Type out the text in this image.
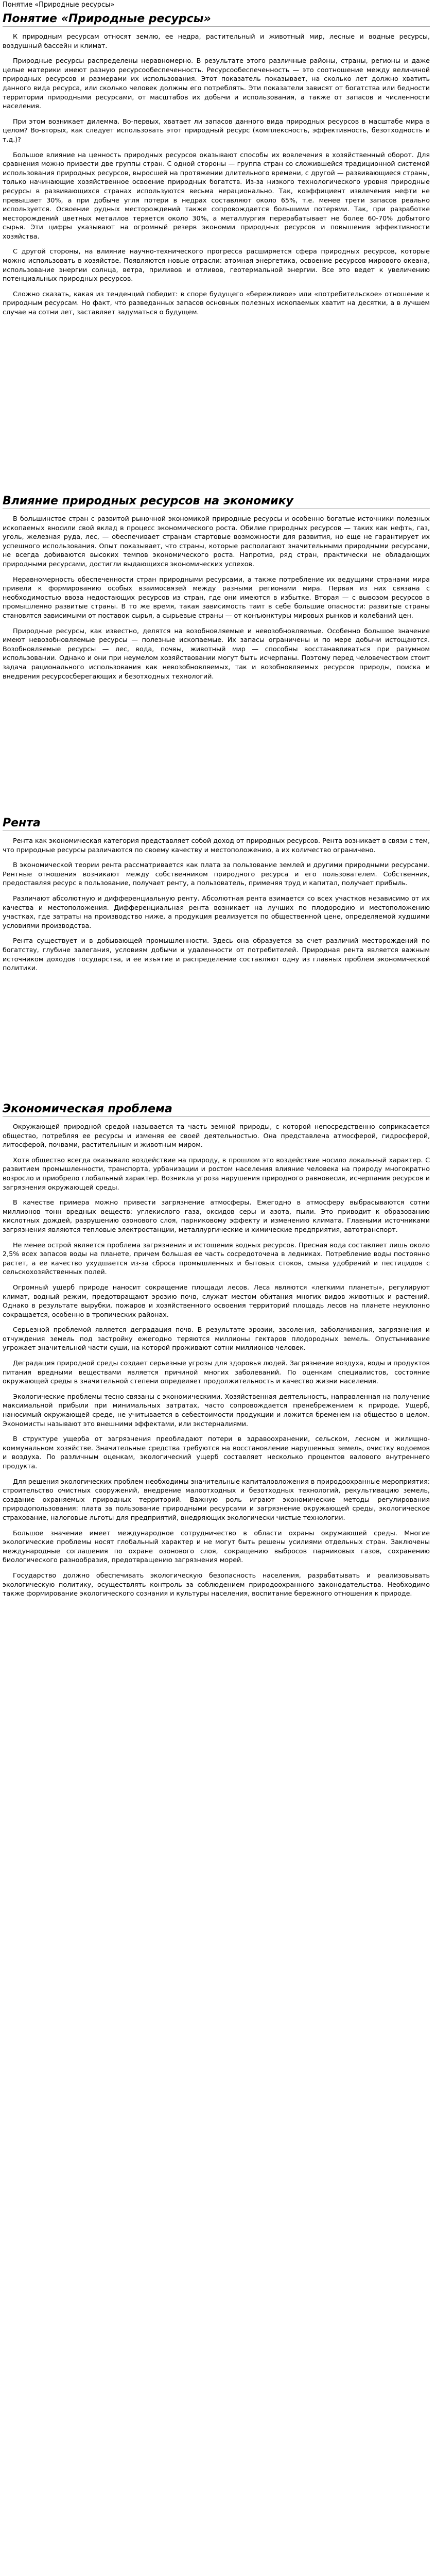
Понятие «Природные ресурсы»
Понятие «Природные ресурсы»

К природным ресурсам относят землю, ее недра, растительный и животный мир, лесные и водные ресурсы, воздушный бассейн и климат.

Природные ресурсы распределены неравномерно. В результате этого различные районы, страны, регионы и даже целые материки имеют разную ресурсообеспеченность. Ресурсообеспеченность — это соотношение между величиной природных ресурсов и размерами их использования. Этот показатель показывает, на сколько лет должно хватить данного вида ресурса, или сколько человек должны его потреблять. Эти показатели зависят от богатства или бедности территории природными ресурсами, от масштабов их добычи и использования, а также от запасов и численности населения.

При этом возникает дилемма. Во-первых, хватает ли запасов данного вида природных ресурсов в масштабе мира в целом? Во-вторых, как следует использовать этот природный ресурс (комплексность, эффективность, безотходность и т.д.)?

Большое влияние на ценность природных ресурсов оказывают способы их вовлечения в хозяйственный оборот. Для сравнения можно привести две группы стран. С одной стороны — группа стран со сложившейся традиционной системой использования природных ресурсов, выросшей на протяжении длительного времени, с другой — развивающиеся страны, только начинающие хозяйственное освоение природных богатств. Из-за низкого технологического уровня природные ресурсы в развивающихся странах используются весьма нерационально. Так, коэффициент извлечения нефти не превышает 30%, а при добыче угля потери в недрах составляют около 65%, т.е. менее трети запасов реально используется. Освоение рудных месторождений также сопровождается большими потерями. Так, при разработке месторождений цветных металлов теряется около 30%, а металлургия перерабатывает не более 60-70% добытого сырья. Эти цифры указывают на огромный резерв экономии природных ресурсов и повышения эффективности хозяйства.

С другой стороны, на влияние научно-технического прогресса расширяется сфера природных ресурсов, которые можно использовать в хозяйстве. Появляются новые отрасли: атомная энергетика, освоение ресурсов мирового океана, использование энергии солнца, ветра, приливов и отливов, геотермальной энергии. Все это ведет к увеличению потенциальных природных ресурсов.

Сложно сказать, какая из тенденций победит: в споре будущего «бережливое» или «потребительское» отношение к природным ресурсам. Но факт, что разведанных запасов основных полезных ископаемых хватит на десятки, а в лучшем случае на сотни лет, заставляет задуматься о будущем.

Влияние природных ресурсов на экономику

В большинстве стран с развитой рыночной экономикой природные ресурсы и особенно богатые источники полезных ископаемых вносили свой вклад в процесс экономического роста. Обилие природных ресурсов — таких как нефть, газ, уголь, железная руда, лес, — обеспечивает странам стартовые возможности для развития, но еще не гарантирует их успешного использования. Опыт показывает, что страны, которые располагают значительными природными ресурсами, не всегда добиваются высоких темпов экономического роста. Напротив, ряд стран, практически не обладающих природными ресурсами, достигли выдающихся экономических успехов.

Неравномерность обеспеченности стран природными ресурсами, а также потребление их ведущими странами мира привели к формированию особых взаимосвязей между разными регионами мира. Первая из них связана с необходимостью ввоза недостающих ресурсов из стран, где они имеются в избытке. Вторая — с вывозом ресурсов в промышленно развитые страны. В то же время, такая зависимость таит в себе большие опасности: развитые страны становятся зависимыми от поставок сырья, а сырьевые страны — от конъюнктуры мировых рынков и колебаний цен.

Природные ресурсы, как известно, делятся на возобновляемые и невозобновляемые. Особенно большое значение имеют невозобновляемые ресурсы — полезные ископаемые. Их запасы ограничены и по мере добычи истощаются. Возобновляемые ресурсы — лес, вода, почвы, животный мир — способны восстанавливаться при разумном использовании. Однако и они при неумелом хозяйствовании могут быть исчерпаны. Поэтому перед человечеством стоит задача рационального использования как невозобновляемых, так и возобновляемых ресурсов природы, поиска и внедрения ресурсосберегающих и безотходных технологий.

Рента

Рента как экономическая категория представляет собой доход от природных ресурсов. Рента возникает в связи с тем, что природные ресурсы различаются по своему качеству и местоположению, а их количество ограничено.

В экономической теории рента рассматривается как плата за пользование землей и другими природными ресурсами. Рентные отношения возникают между собственником природного ресурса и его пользователем. Собственник, предоставляя ресурс в пользование, получает ренту, а пользователь, применяя труд и капитал, получает прибыль.

Различают абсолютную и дифференциальную ренту. Абсолютная рента взимается со всех участков независимо от их качества и местоположения. Дифференциальная рента возникает на лучших по плодородию и местоположению участках, где затраты на производство ниже, а продукция реализуется по общественной цене, определяемой худшими условиями производства.

Рента существует и в добывающей промышленности. Здесь она образуется за счет различий месторождений по богатству, глубине залегания, условиям добычи и удаленности от потребителей. Природная рента является важным источником доходов государства, и ее изъятие и распределение составляют одну из главных проблем экономической политики.

Экономическая проблема

Окружающей природной средой называется та часть земной природы, с которой непосредственно соприкасается общество, потребляя ее ресурсы и изменяя ее своей деятельностью. Она представлена атмосферой, гидросферой, литосферой, почвами, растительным и животным миром.

Хотя общество всегда оказывало воздействие на природу, в прошлом это воздействие носило локальный характер. С развитием промышленности, транспорта, урбанизации и ростом населения влияние человека на природу многократно возросло и приобрело глобальный характер. Возникла угроза нарушения природного равновесия, исчерпания ресурсов и загрязнения окружающей среды.

В качестве примера можно привести загрязнение атмосферы. Ежегодно в атмосферу выбрасываются сотни миллионов тонн вредных веществ: углекислого газа, оксидов серы и азота, пыли. Это приводит к образованию кислотных дождей, разрушению озонового слоя, парниковому эффекту и изменению климата. Главными источниками загрязнения являются тепловые электростанции, металлургические и химические предприятия, автотранспорт.

Не менее острой является проблема загрязнения и истощения водных ресурсов. Пресная вода составляет лишь около 2,5% всех запасов воды на планете, причем большая ее часть сосредоточена в ледниках. Потребление воды постоянно растет, а ее качество ухудшается из-за сброса промышленных и бытовых стоков, смыва удобрений и пестицидов с сельскохозяйственных полей.

Огромный ущерб природе наносит сокращение площади лесов. Леса являются «легкими планеты», регулируют климат, водный режим, предотвращают эрозию почв, служат местом обитания многих видов животных и растений. Однако в результате вырубки, пожаров и хозяйственного освоения территорий площадь лесов на планете неуклонно сокращается, особенно в тропических районах.

Серьезной проблемой является деградация почв. В результате эрозии, засоления, заболачивания, загрязнения и отчуждения земель под застройку ежегодно теряются миллионы гектаров плодородных земель. Опустынивание угрожает значительной части суши, на которой проживают сотни миллионов человек.

Деградация природной среды создает серьезные угрозы для здоровья людей. Загрязнение воздуха, воды и продуктов питания вредными веществами является причиной многих заболеваний. По оценкам специалистов, состояние окружающей среды в значительной степени определяет продолжительность и качество жизни населения.

Экологические проблемы тесно связаны с экономическими. Хозяйственная деятельность, направленная на получение максимальной прибыли при минимальных затратах, часто сопровождается пренебрежением к природе. Ущерб, наносимый окружающей среде, не учитывается в себестоимости продукции и ложится бременем на общество в целом. Экономисты называют это внешними эффектами, или экстерналиями.

В структуре ущерба от загрязнения преобладают потери в здравоохранении, сельском, лесном и жилищно-коммунальном хозяйстве. Значительные средства требуются на восстановление нарушенных земель, очистку водоемов и воздуха. По различным оценкам, экологический ущерб составляет несколько процентов валового внутреннего продукта.

Для решения экологических проблем необходимы значительные капиталовложения в природоохранные мероприятия: строительство очистных сооружений, внедрение малоотходных и безотходных технологий, рекультивацию земель, создание охраняемых природных территорий. Важную роль играют экономические методы регулирования природопользования: плата за пользование природными ресурсами и загрязнение окружающей среды, экологическое страхование, налоговые льготы для предприятий, внедряющих экологически чистые технологии.

Большое значение имеет международное сотрудничество в области охраны окружающей среды. Многие экологические проблемы носят глобальный характер и не могут быть решены усилиями отдельных стран. Заключены международные соглашения по охране озонового слоя, сокращению выбросов парниковых газов, сохранению биологического разнообразия, предотвращению загрязнения морей.

Государство должно обеспечивать экологическую безопасность населения, разрабатывать и реализовывать экологическую политику, осуществлять контроль за соблюдением природоохранного законодательства. Необходимо также формирование экологического сознания и культуры населения, воспитание бережного отношения к природе.
